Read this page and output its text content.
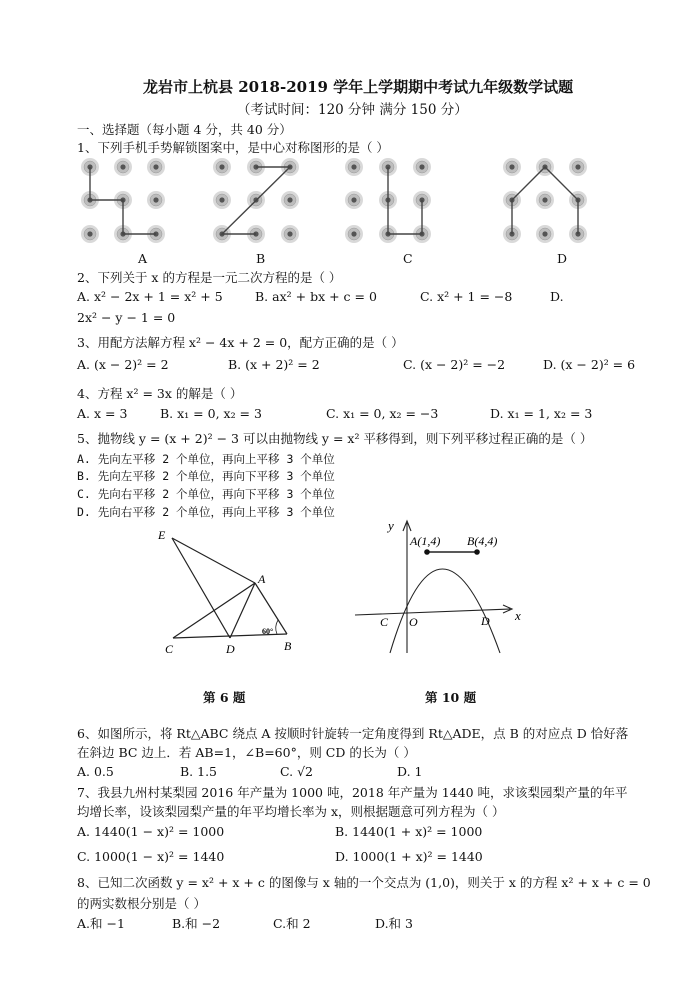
龙岩市上杭县 2018-2019 学年上学期期中考试九年级数学试题
（考试时间：120 分钟 满分 150 分）
一、选择题（每小题 4 分，共 40 分）
1、下列手机手势解锁图案中，是中心对称图形的是（ ）
A	B	C	D
2、下列关于 x 的方程是一元二次方程的是（ ）
A. x² − 2x + 1 = x² + 5	B. ax² + bx + c = 0	C. x² + 1 = −8	D.
2x² − y − 1 = 0
3、用配方法解方程 x² − 4x + 2 = 0，配方正确的是（ ）
A. (x − 2)² = 2	B. (x + 2)² = 2	C. (x − 2)² = −2	D. (x − 2)² = 6
4、方程 x² = 3x 的解是（ ）
A. x = 3	B. x₁ = 0, x₂ = 3	C. x₁ = 0, x₂ = −3	D. x₁ = 1, x₂ = 3
5、抛物线 y = (x + 2)² − 3 可以由抛物线 y = x² 平移得到，则下列平移过程正确的是（ ）
A. 先向左平移 2 个单位，再向上平移 3 个单位
B. 先向左平移 2 个单位，再向下平移 3 个单位
C. 先向右平移 2 个单位，再向下平移 3 个单位
D. 先向右平移 2 个单位，再向上平移 3 个单位
E
A
C	D	B
60°
第 6 题
y
x
A(1,4) B(4,4)
C O	D
第 10 题
6、如图所示，将 Rt△ABC 绕点 A 按顺时针旋转一定角度得到 Rt△ADE，点 B 的对应点 D 恰好落
在斜边 BC 边上．若 AB=1，∠B=60°，则 CD 的长为（ ）
A. 0.5	B. 1.5	C. √2	D. 1
7、我县九州村某梨园 2016 年产量为 1000 吨，2018 年产量为 1440 吨，求该梨园梨产量的年平
均增长率，设该梨园梨产量的年平均增长率为 x，则根据题意可列方程为（ ）
A. 1440(1 − x)² = 1000	B. 1440(1 + x)² = 1000
C. 1000(1 − x)² = 1440	D. 1000(1 + x)² = 1440
8、已知二次函数 y = x² + x + c 的图像与 x 轴的一个交点为 (1,0)，则关于 x 的方程 x² + x + c = 0
的两实数根分别是（ ）
A.和 −1	B.和 −2	C.和 2	D.和 3
